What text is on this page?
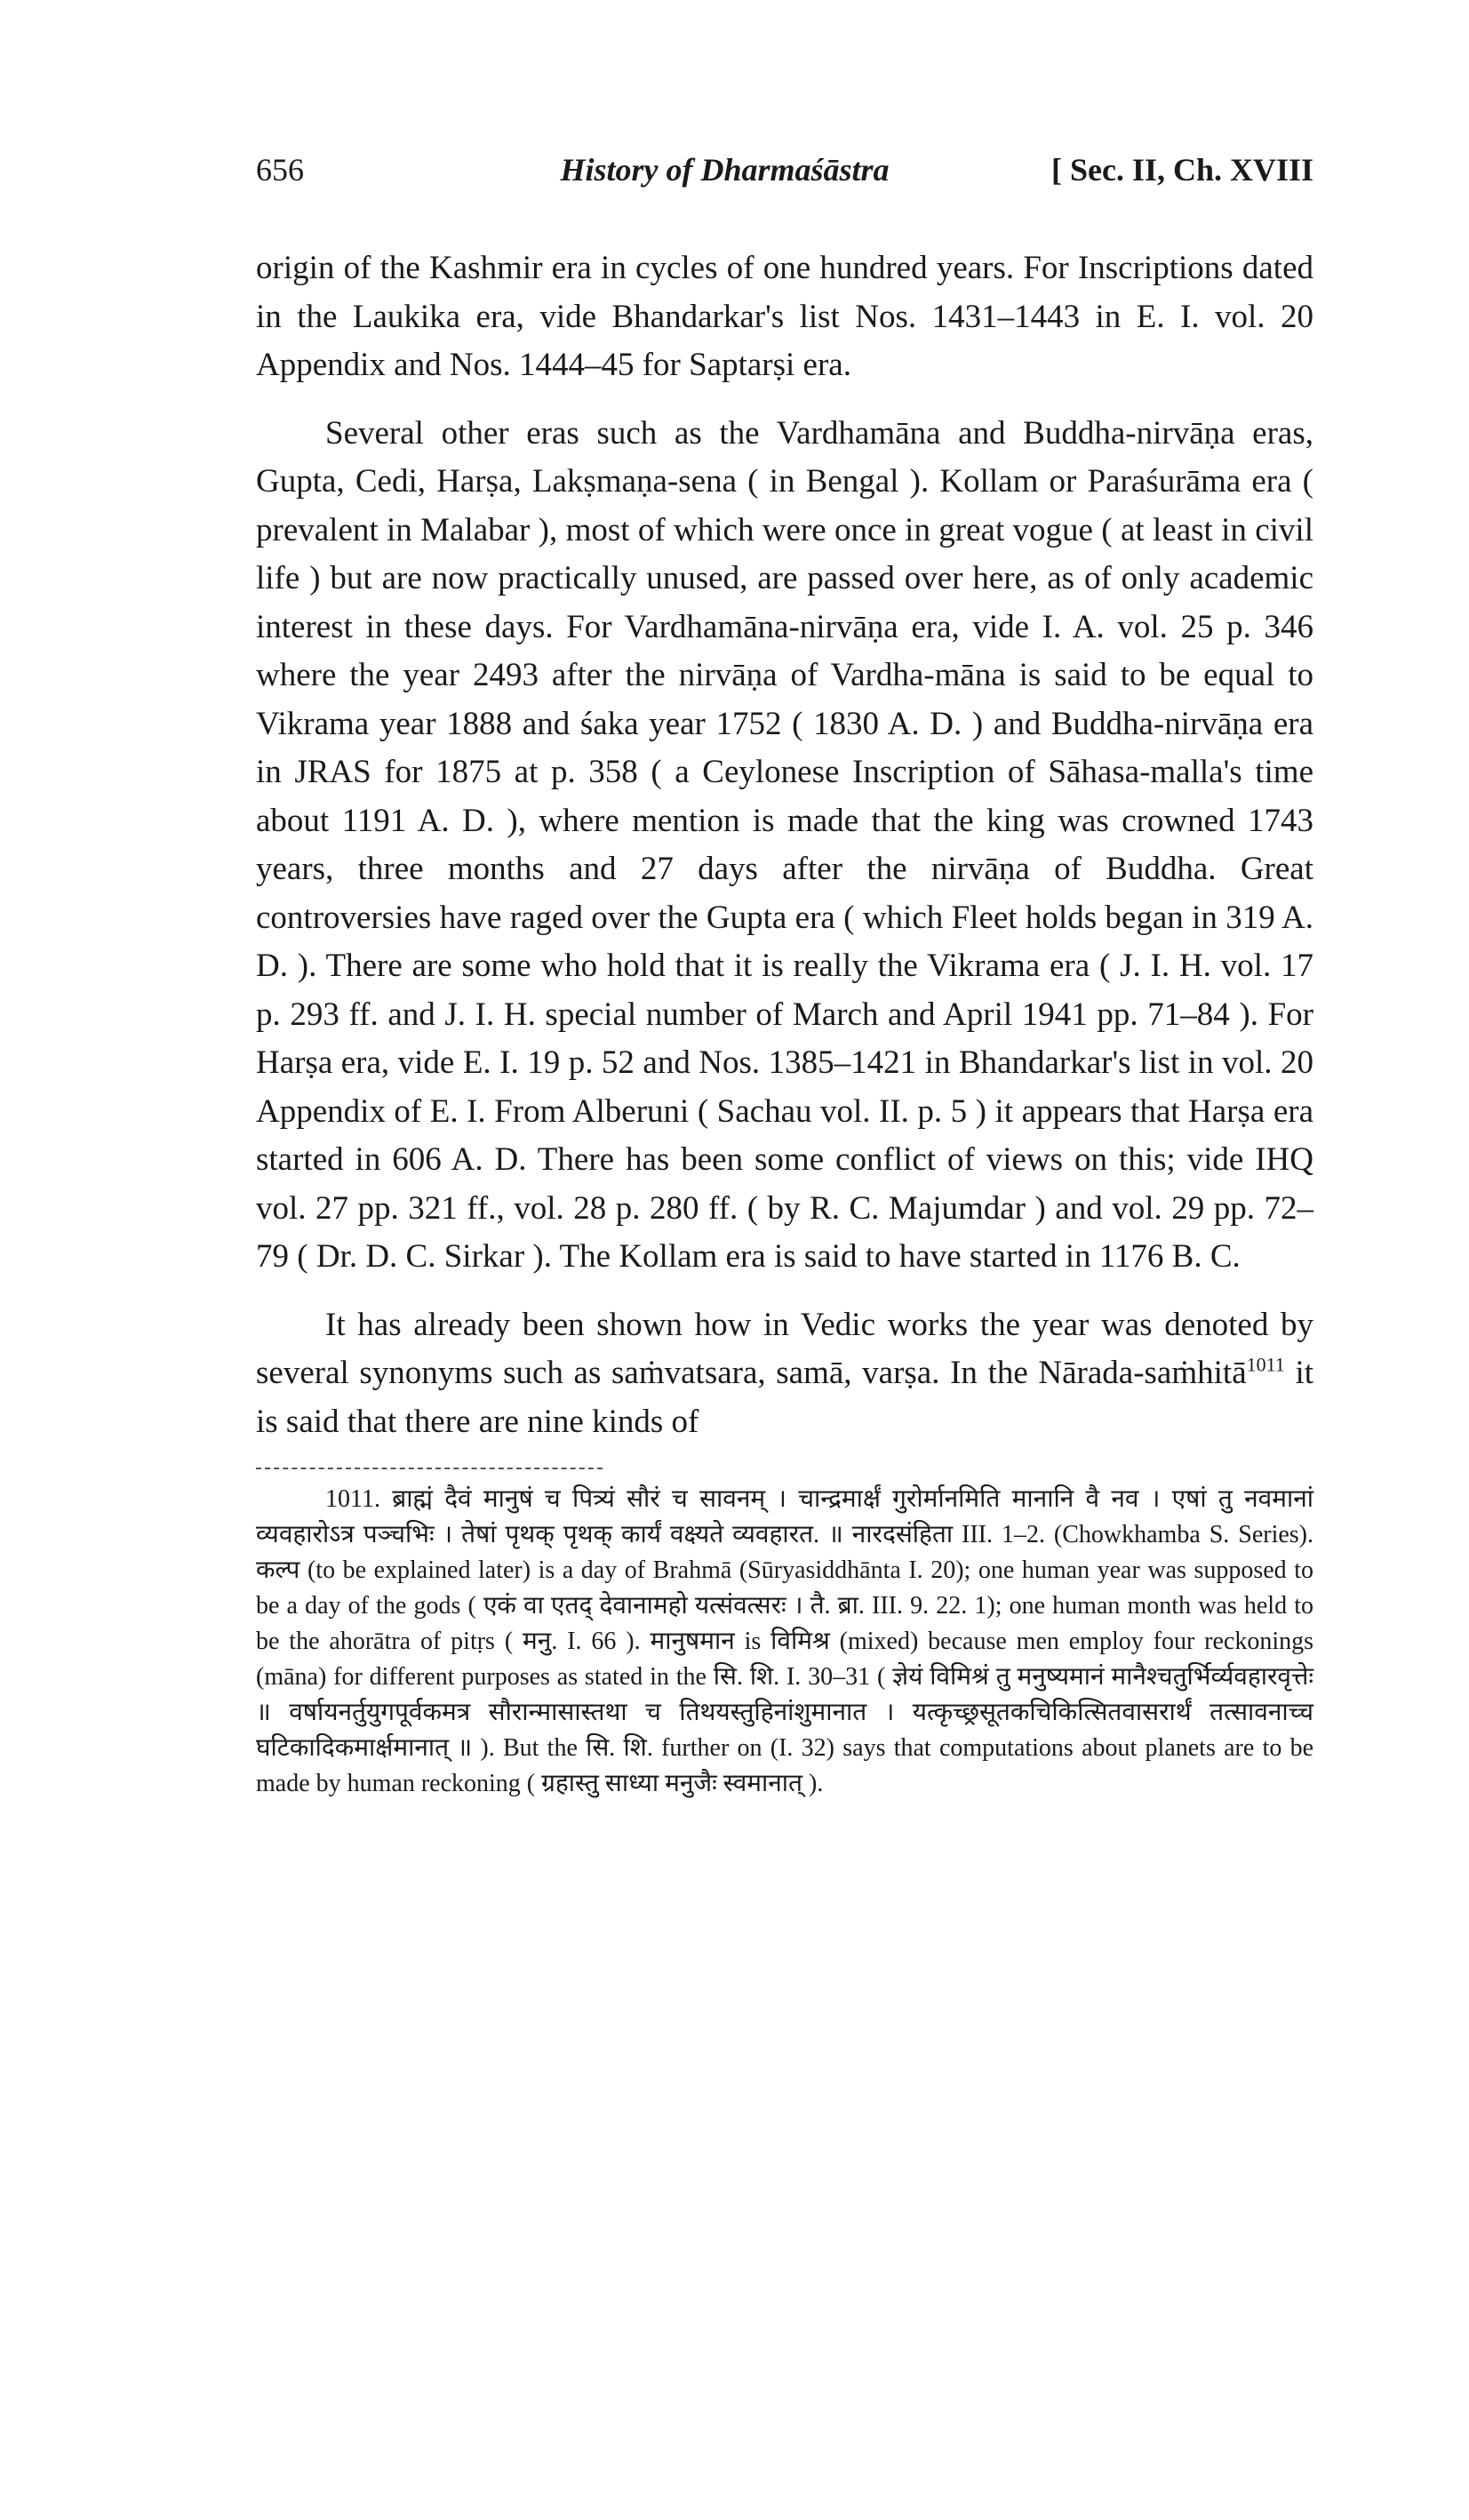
656	History of Dharmaśāstra	[ Sec. II, Ch. XVIII

origin of the Kashmir era in cycles of one hundred years. For Inscriptions dated in the Laukika era, vide Bhandarkar's list Nos. 1431–1443 in E. I. vol. 20 Appendix and Nos. 1444–45 for Saptarṣi era.

Several other eras such as the Vardhamāna and Buddha-nirvāṇa eras, Gupta, Cedi, Harṣa, Lakṣmaṇa-sena ( in Bengal ). Kollam or Paraśurāma era ( prevalent in Malabar ), most of which were once in great vogue ( at least in civil life ) but are now practically unused, are passed over here, as of only academic interest in these days. For Vardhamāna-nirvāṇa era, vide I. A. vol. 25 p. 346 where the year 2493 after the nirvāṇa of Vardha-māna is said to be equal to Vikrama year 1888 and śaka year 1752 ( 1830 A. D. ) and Buddha-nirvāṇa era in JRAS for 1875 at p. 358 ( a Ceylonese Inscription of Sāhasa-malla's time about 1191 A. D. ), where mention is made that the king was crowned 1743 years, three months and 27 days after the nirvāṇa of Buddha. Great controversies have raged over the Gupta era ( which Fleet holds began in 319 A. D. ). There are some who hold that it is really the Vikrama era ( J. I. H. vol. 17 p. 293 ff. and J. I. H. special number of March and April 1941 pp. 71–84 ). For Harṣa era, vide E. I. 19 p. 52 and Nos. 1385–1421 in Bhandarkar's list in vol. 20 Appendix of E. I. From Alberuni ( Sachau vol. II. p. 5 ) it appears that Harṣa era started in 606 A. D. There has been some conflict of views on this; vide IHQ vol. 27 pp. 321 ff., vol. 28 p. 280 ff. ( by R. C. Majumdar ) and vol. 29 pp. 72–79 ( Dr. D. C. Sirkar ). The Kollam era is said to have started in 1176 B. C.

It has already been shown how in Vedic works the year was denoted by several synonyms such as saṁvatsara, samā, varṣa. In the Nārada-saṁhitā$^{1011}$ it is said that there are nine kinds of

1011. ब्राह्मं दैवं मानुषं च पित्र्यं सौरं च सावनम् । चान्द्रमार्क्षं गुरोर्मानमिति मानानि वै नव । एषां तु नवमानां व्यवहारोऽत्र पञ्चभिः । तेषां पृथक् पृथक् कार्यं वक्ष्यते व्यवहारत. ॥ नारदसंहिता III. 1–2. (Chowkhamba S. Series). कल्प (to be explained later) is a day of Brahmā (Sūryasiddhānta I. 20); one human year was supposed to be a day of the gods ( एकं वा एतद् देवानामहो यत्संवत्सरः । तै. ब्रा. III. 9. 22. 1); one human month was held to be the ahorātra of pitṛs ( मनु. I. 66 ). मानुषमान is विमिश्र (mixed) because men employ four reckonings (māna) for different purposes as stated in the सि. शि. I. 30–31 ( ज्ञेयं विमिश्रं तु मनुष्यमानं मानैश्चतुर्भिर्व्यवहारवृत्तेः ॥ वर्षायनर्तुयुगपूर्वकमत्र सौरान्मासास्तथा च तिथयस्तुहिनांशुमानात । यत्कृच्छ्रसूतकचिकित्सितवासरार्थं तत्सावनाच्च घटिकादिकमार्क्षमानात् ॥ ). But the सि. शि. further on (I. 32) says that computations about planets are to be made by human reckoning ( ग्रहास्तु साध्या मनुजैः स्वमानात् ).
